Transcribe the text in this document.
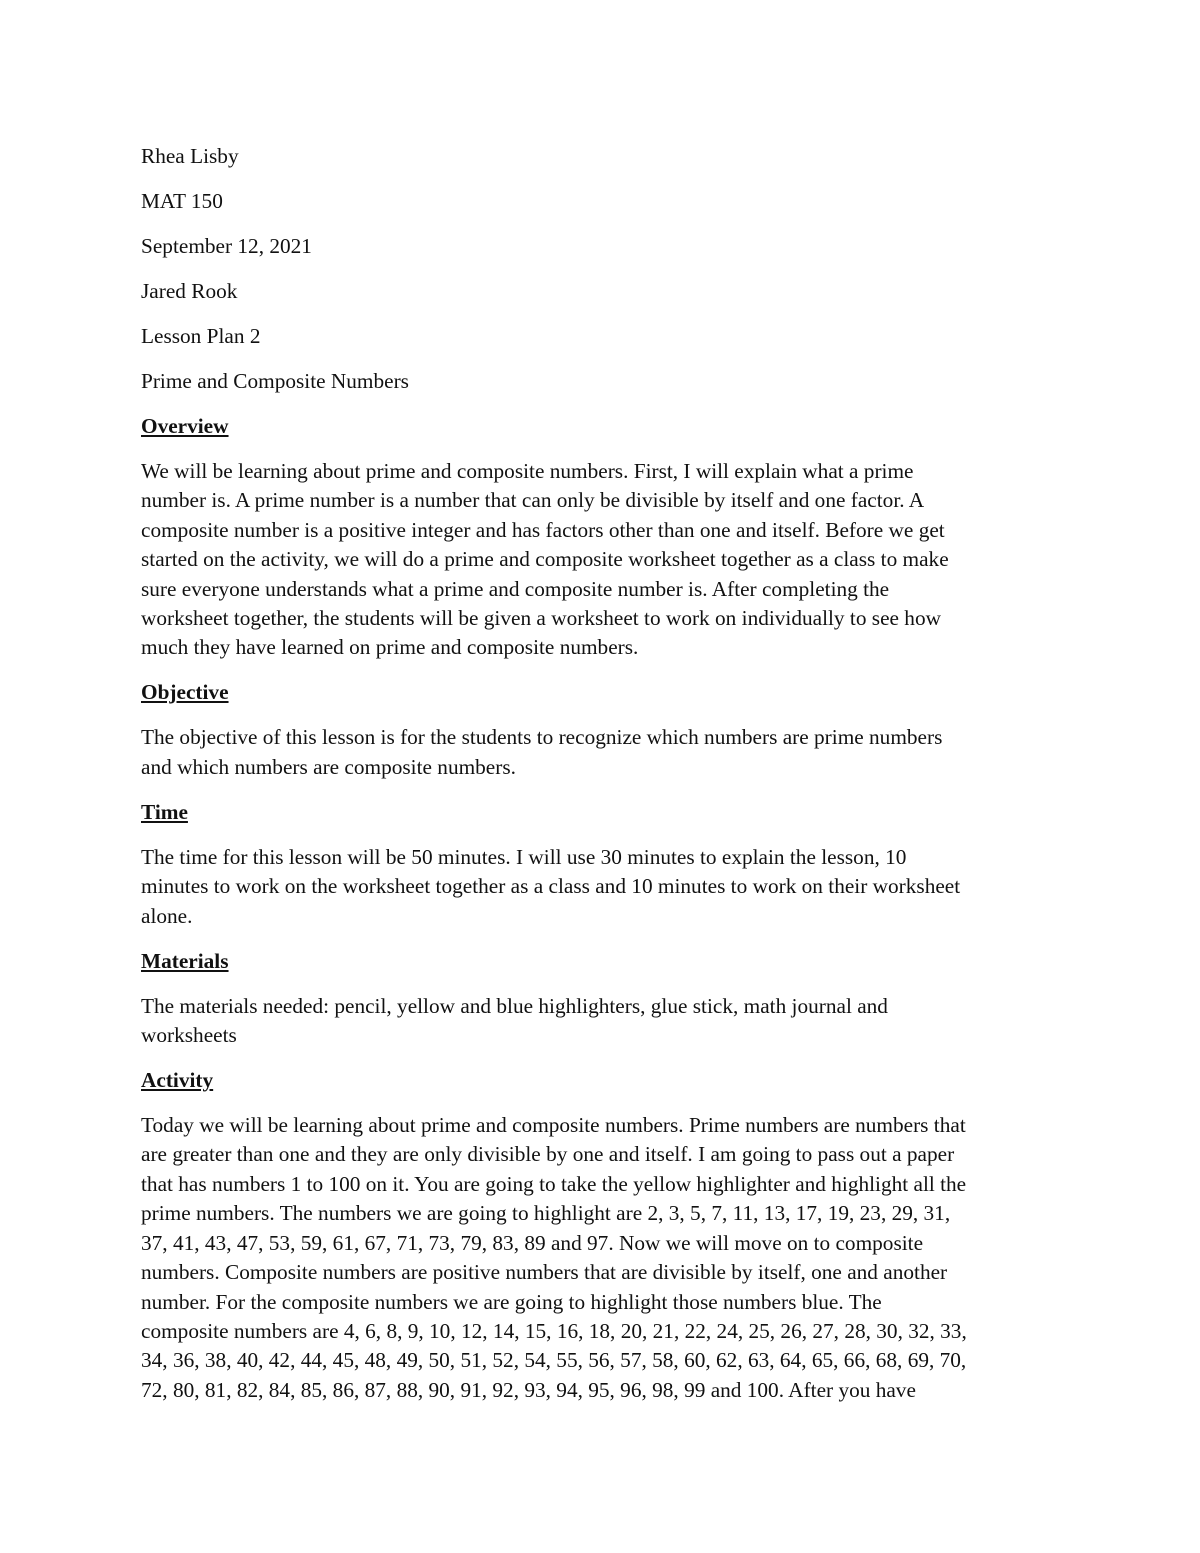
Rhea Lisby
MAT 150
September 12, 2021
Jared Rook
Lesson Plan 2
Prime and Composite Numbers
Overview
We will be learning about prime and composite numbers. First, I will explain what a prime
number is. A prime number is a number that can only be divisible by itself and one factor. A
composite number is a positive integer and has factors other than one and itself. Before we get
started on the activity, we will do a prime and composite worksheet together as a class to make
sure everyone understands what a prime and composite number is. After completing the
worksheet together, the students will be given a worksheet to work on individually to see how
much they have learned on prime and composite numbers.
Objective
The objective of this lesson is for the students to recognize which numbers are prime numbers
and which numbers are composite numbers.
Time
The time for this lesson will be 50 minutes. I will use 30 minutes to explain the lesson, 10
minutes to work on the worksheet together as a class and 10 minutes to work on their worksheet
alone.
Materials
The materials needed: pencil, yellow and blue highlighters, glue stick, math journal and
worksheets
Activity
Today we will be learning about prime and composite numbers. Prime numbers are numbers that
are greater than one and they are only divisible by one and itself. I am going to pass out a paper
that has numbers 1 to 100 on it. You are going to take the yellow highlighter and highlight all the
prime numbers. The numbers we are going to highlight are 2, 3, 5, 7, 11, 13, 17, 19, 23, 29, 31,
37, 41, 43, 47, 53, 59, 61, 67, 71, 73, 79, 83, 89 and 97. Now we will move on to composite
numbers. Composite numbers are positive numbers that are divisible by itself, one and another
number. For the composite numbers we are going to highlight those numbers blue. The
composite numbers are 4, 6, 8, 9, 10, 12, 14, 15, 16, 18, 20, 21, 22, 24, 25, 26, 27, 28, 30, 32, 33,
34, 36, 38, 40, 42, 44, 45, 48, 49, 50, 51, 52, 54, 55, 56, 57, 58, 60, 62, 63, 64, 65, 66, 68, 69, 70,
72, 80, 81, 82, 84, 85, 86, 87, 88, 90, 91, 92, 93, 94, 95, 96, 98, 99 and 100. After you have
